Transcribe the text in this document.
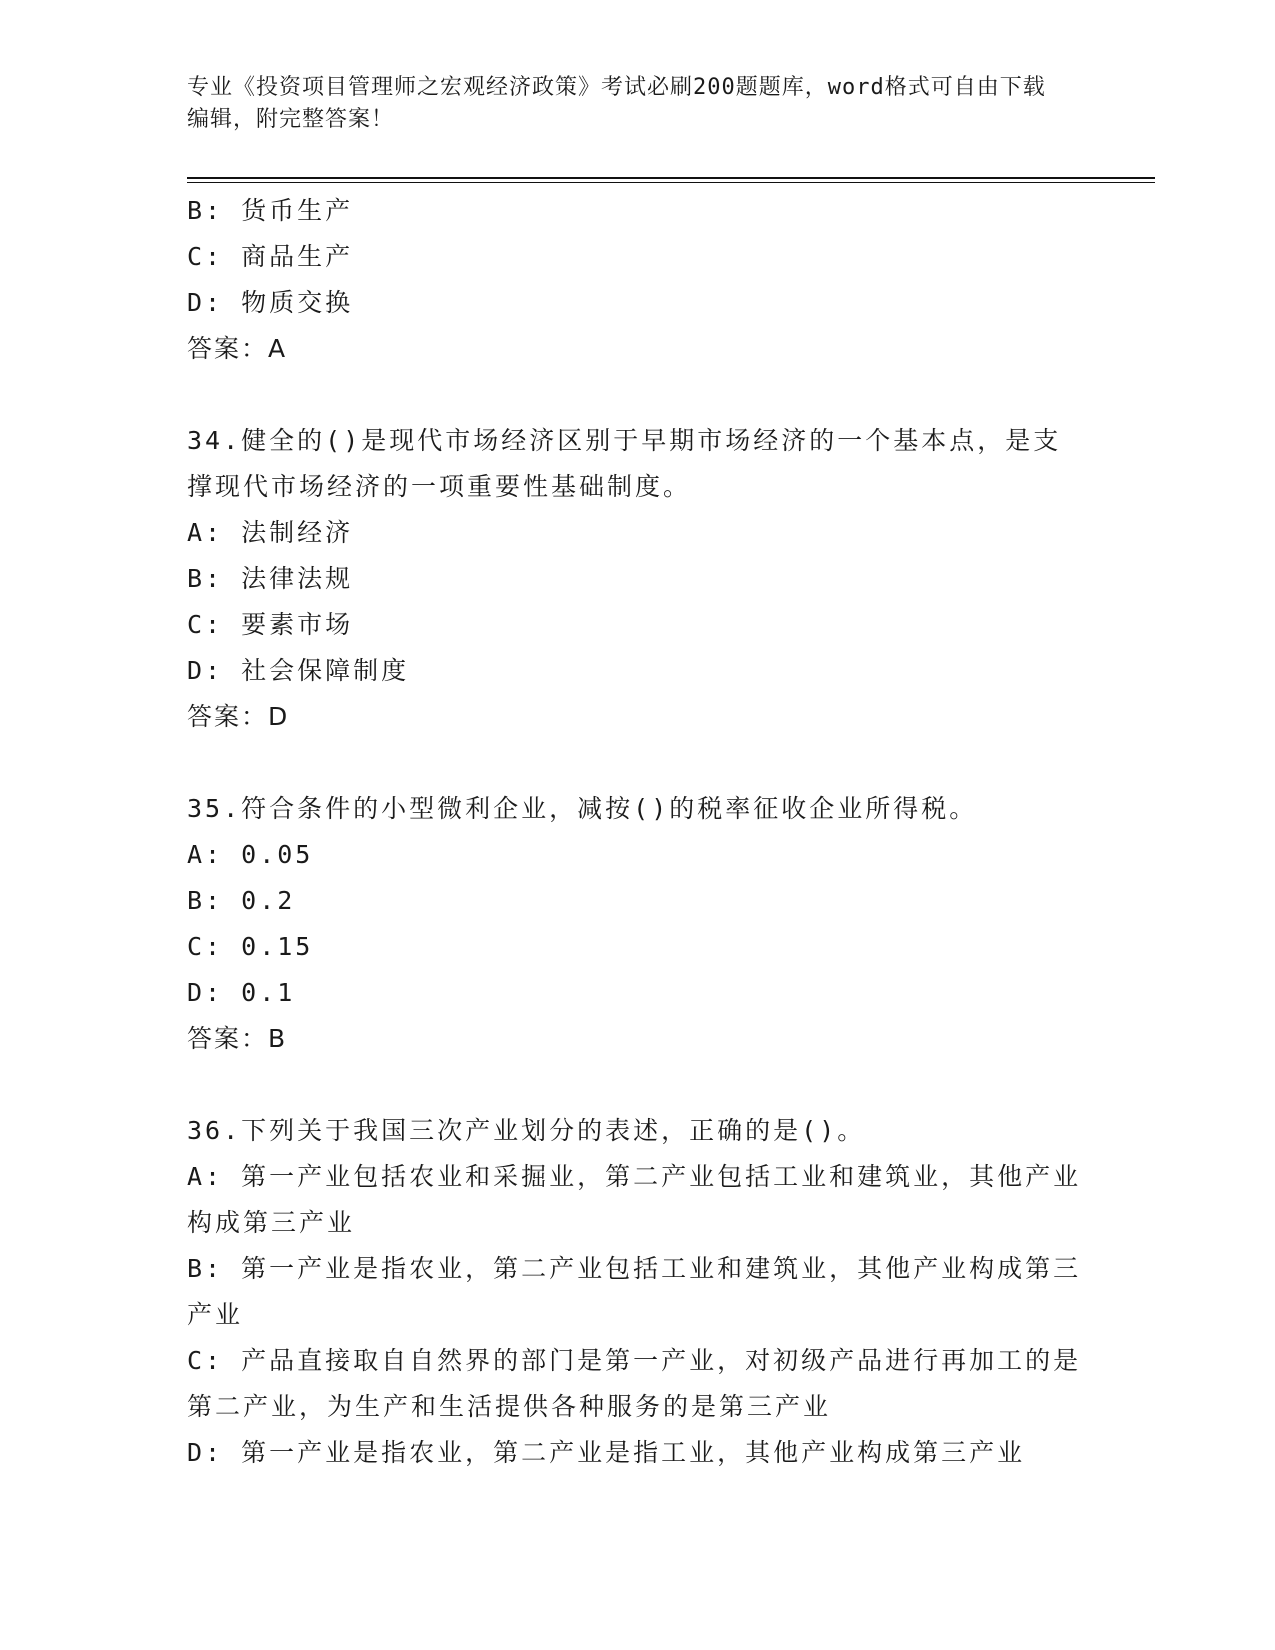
专业《投资项目管理师之宏观经济政策》考试必刷200题题库，word格式可自由下载编辑，附完整答案！

B: 货币生产

C: 商品生产

D: 物质交换

答案：A

34.健全的()是现代市场经济区别于早期市场经济的一个基本点，是支撑现代市场经济的一项重要性基础制度。

A: 法制经济

B: 法律法规

C: 要素市场

D: 社会保障制度

答案：D

35.符合条件的小型微利企业，减按()的税率征收企业所得税。

A: 0.05

B: 0.2

C: 0.15

D: 0.1

答案：B

36.下列关于我国三次产业划分的表述，正确的是()。

A: 第一产业包括农业和采掘业，第二产业包括工业和建筑业，其他产业构成第三产业

B: 第一产业是指农业，第二产业包括工业和建筑业，其他产业构成第三产业

C: 产品直接取自自然界的部门是第一产业，对初级产品进行再加工的是第二产业，为生产和生活提供各种服务的是第三产业

D: 第一产业是指农业，第二产业是指工业，其他产业构成第三产业
